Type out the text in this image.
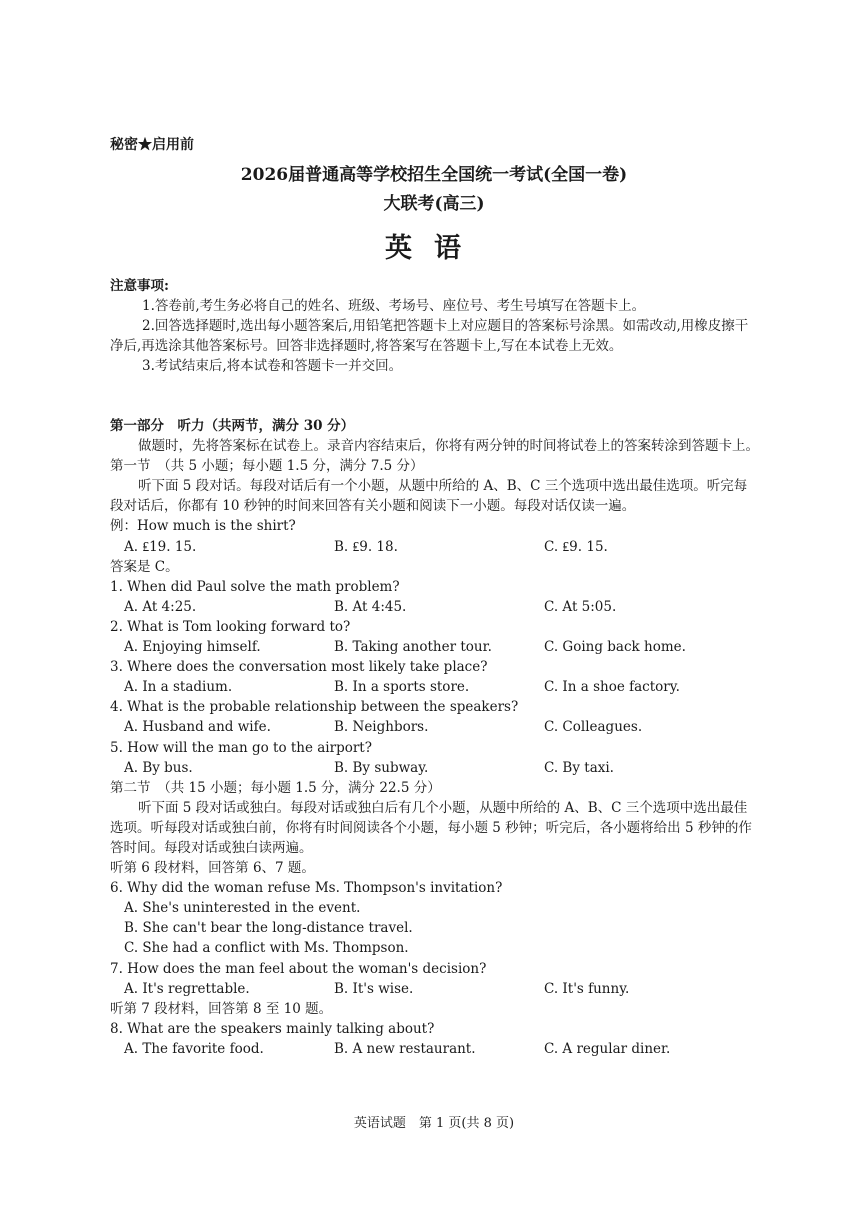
秘密★启用前
2026届普通高等学校招生全国统一考试(全国一卷)
大联考(高三)
英语
注意事项:
1.答卷前,考生务必将自己的姓名、班级、考场号、座位号、考生号填写在答题卡上。
2.回答选择题时,选出每小题答案后,用铅笔把答题卡上对应题目的答案标号涂黑。如需改动,用橡皮擦干净后,再选涂其他答案标号。回答非选择题时,将答案写在答题卡上,写在本试卷上无效。
3.考试结束后,将本试卷和答题卡一并交回。
第一部分　听力（共两节，满分 30 分）
做题时，先将答案标在试卷上。录音内容结束后，你将有两分钟的时间将试卷上的答案转涂到答题卡上。
第一节　（共 5 小题；每小题 1.5 分，满分 7.5 分）
听下面 5 段对话。每段对话后有一个小题，从题中所给的 A、B、C 三个选项中选出最佳选项。听完每段对话后，你都有 10 秒钟的时间来回答有关小题和阅读下一小题。每段对话仅读一遍。
例：How much is the shirt?
A. ₤19. 15.	B. ₤9. 18.	C. ₤9. 15.
答案是 C。
1. When did Paul solve the math problem?
A. At 4:25.	B. At 4:45.	C. At 5:05.
2. What is Tom looking forward to?
A. Enjoying himself.	B. Taking another tour.	C. Going back home.
3. Where does the conversation most likely take place?
A. In a stadium.	B. In a sports store.	C. In a shoe factory.
4. What is the probable relationship between the speakers?
A. Husband and wife.	B. Neighbors.	C. Colleagues.
5. How will the man go to the airport?
A. By bus.	B. By subway.	C. By taxi.
第二节　（共 15 小题；每小题 1.5 分，满分 22.5 分）
听下面 5 段对话或独白。每段对话或独白后有几个小题，从题中所给的 A、B、C 三个选项中选出最佳选项。听每段对话或独白前，你将有时间阅读各个小题，每小题 5 秒钟；听完后，各小题将给出 5 秒钟的作答时间。每段对话或独白读两遍。
听第 6 段材料，回答第 6、7 题。
6. Why did the woman refuse Ms. Thompson's invitation?
A. She's uninterested in the event.
B. She can't bear the long-distance travel.
C. She had a conflict with Ms. Thompson.
7. How does the man feel about the woman's decision?
A. It's regrettable.	B. It's wise.	C. It's funny.
听第 7 段材料，回答第 8 至 10 题。
8. What are the speakers mainly talking about?
A. The favorite food.	B. A new restaurant.	C. A regular diner.
英语试题　第 1 页(共 8 页)
